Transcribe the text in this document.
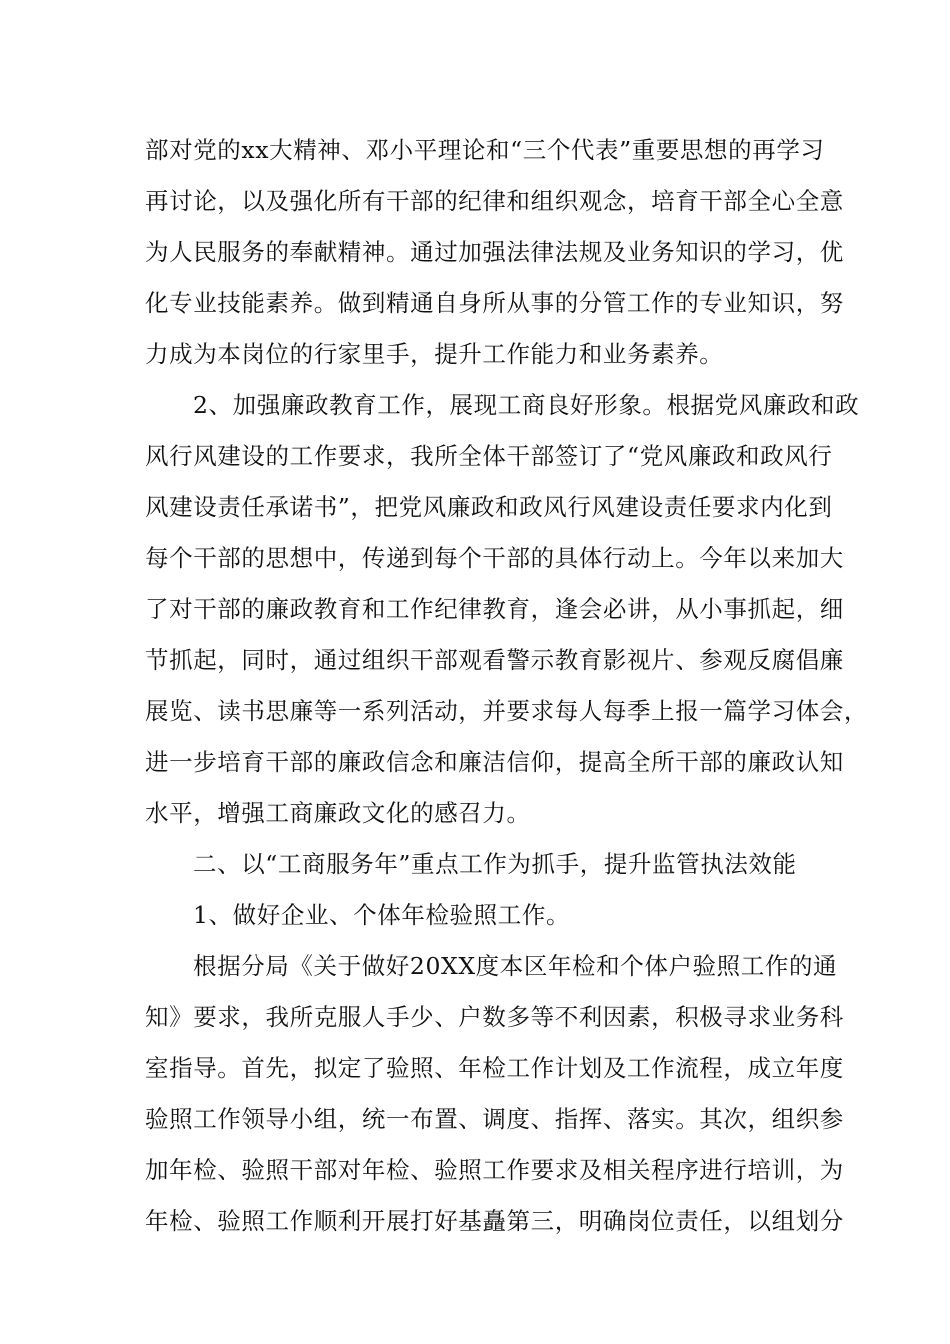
部对党的xx大精神、邓小平理论和“三个代表”重要思想的再学习
再讨论，以及强化所有干部的纪律和组织观念，培育干部全心全意
为人民服务的奉献精神。通过加强法律法规及业务知识的学习，优
化专业技能素养。做到精通自身所从事的分管工作的专业知识，努
力成为本岗位的行家里手，提升工作能力和业务素养。
2、加强廉政教育工作，展现工商良好形象。根据党风廉政和政
风行风建设的工作要求，我所全体干部签订了“党风廉政和政风行
风建设责任承诺书”，把党风廉政和政风行风建设责任要求内化到
每个干部的思想中，传递到每个干部的具体行动上。今年以来加大
了对干部的廉政教育和工作纪律教育，逢会必讲，从小事抓起，细
节抓起，同时，通过组织干部观看警示教育影视片、参观反腐倡廉
展览、读书思廉等一系列活动，并要求每人每季上报一篇学习体会，
进一步培育干部的廉政信念和廉洁信仰，提高全所干部的廉政认知
水平，增强工商廉政文化的感召力。
二、以“工商服务年”重点工作为抓手，提升监管执法效能
1、做好企业、个体年检验照工作。
根据分局《关于做好20XX度本区年检和个体户验照工作的通
知》要求，我所克服人手少、户数多等不利因素，积极寻求业务科
室指导。首先，拟定了验照、年检工作计划及工作流程，成立年度
验照工作领导小组，统一布置、调度、指挥、落实。其次，组织参
加年检、验照干部对年检、验照工作要求及相关程序进行培训，为
年检、验照工作顺利开展打好基矗第三，明确岗位责任，以组划分
